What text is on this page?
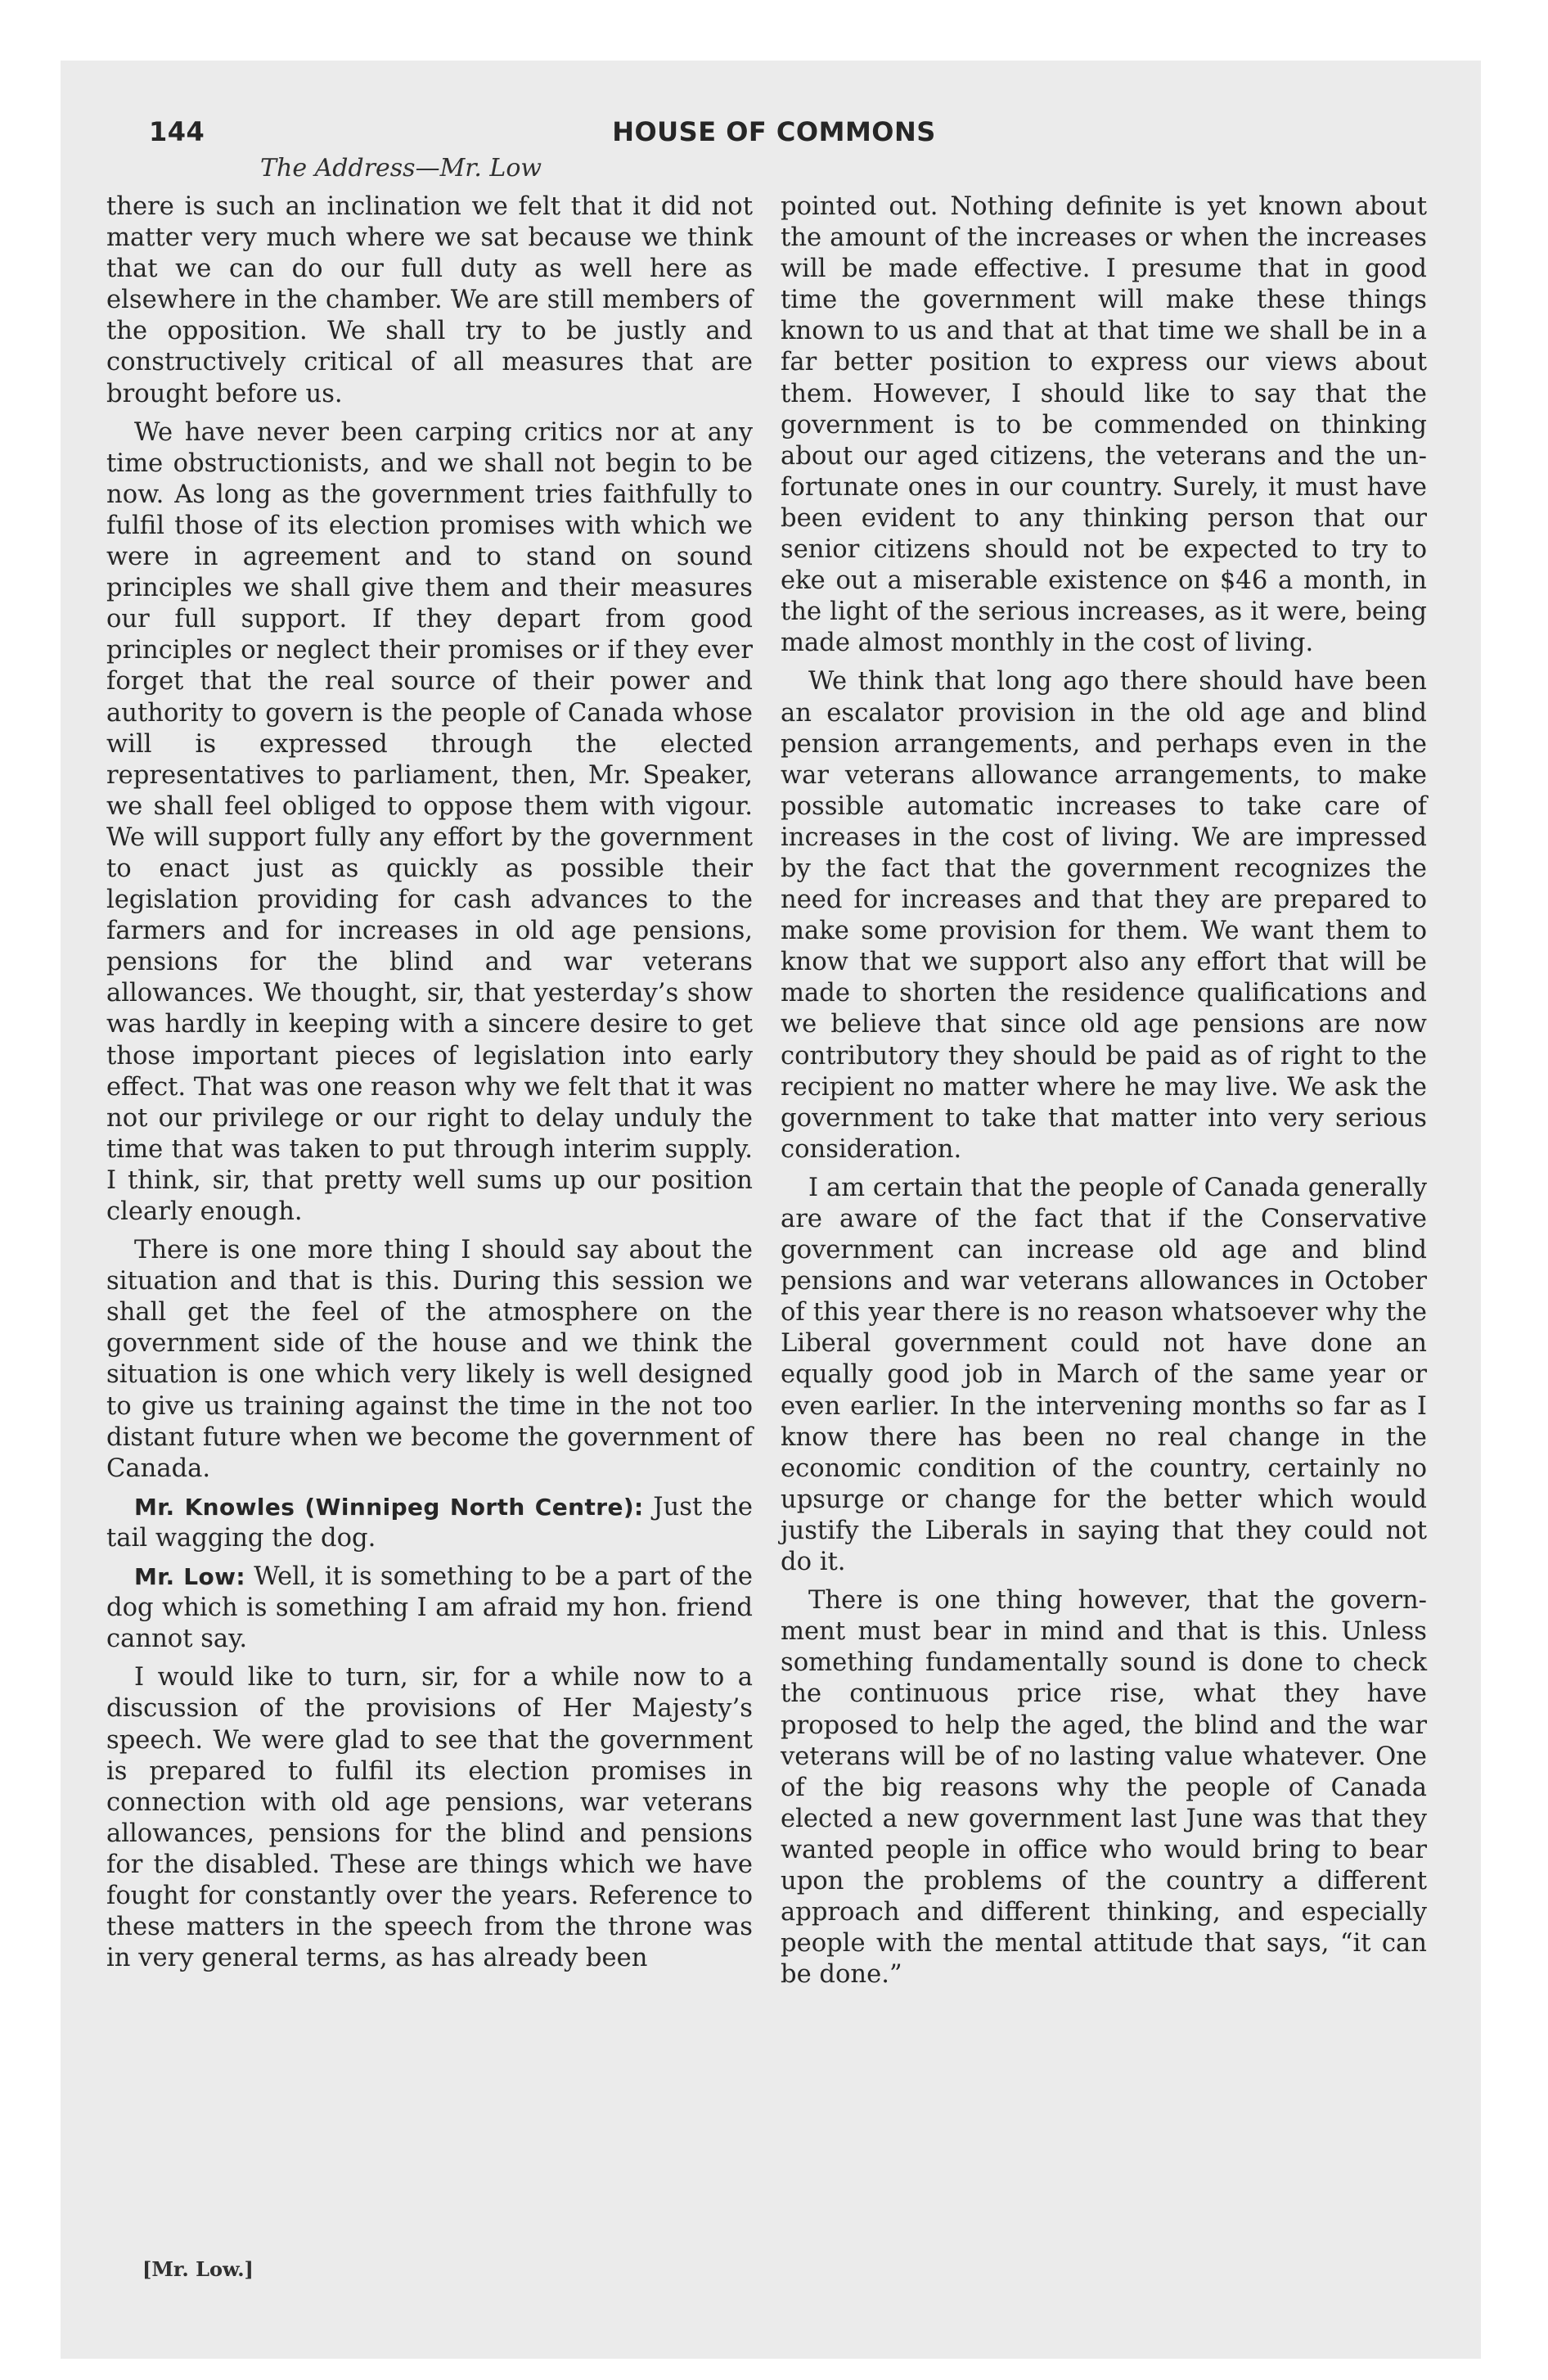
144	HOUSE OF COMMONS
The Address—Mr. Low

there is such an inclination we felt that it did not matter very much where we sat because we think that we can do our full duty as well here as elsewhere in the chamber. We are still members of the opposition. We shall try to be justly and constructively critical of all measures that are brought before us.

We have never been carping critics nor at any time obstructionists, and we shall not begin to be now. As long as the government tries faithfully to fulfil those of its election promises with which we were in agreement and to stand on sound principles we shall give them and their measures our full support. If they depart from good principles or neglect their promises or if they ever forget that the real source of their power and authority to govern is the people of Canada whose will is expressed through the elected representatives to parliament, then, Mr. Speaker, we shall feel obliged to oppose them with vigour. We will support fully any effort by the government to enact just as quickly as possible their legislation providing for cash advances to the farmers and for increases in old age pensions, pensions for the blind and war veterans allowances. We thought, sir, that yesterday’s show was hardly in keeping with a sincere desire to get those important pieces of legislation into early effect. That was one reason why we felt that it was not our privilege or our right to delay unduly the time that was taken to put through interim supply. I think, sir, that pretty well sums up our position clearly enough.

There is one more thing I should say about the situation and that is this. During this session we shall get the feel of the atmosphere on the government side of the house and we think the situation is one which very likely is well designed to give us training against the time in the not too distant future when we become the government of Canada.

Mr. Knowles (Winnipeg North Centre): Just the tail wagging the dog.

Mr. Low: Well, it is something to be a part of the dog which is something I am afraid my hon. friend cannot say.

I would like to turn, sir, for a while now to a discussion of the provisions of Her Majesty’s speech. We were glad to see that the government is prepared to fulfil its election promises in connection with old age pensions, war veterans allowances, pensions for the blind and pensions for the disabled. These are things which we have fought for constantly over the years. Reference to these matters in the speech from the throne was in very general terms, as has already been

pointed out. Nothing definite is yet known about the amount of the increases or when the increases will be made effective. I presume that in good time the government will make these things known to us and that at that time we shall be in a far better position to express our views about them. However, I should like to say that the government is to be commended on thinking about our aged citizens, the veterans and the unfortunate ones in our country. Surely, it must have been evident to any thinking person that our senior citizens should not be expected to try to eke out a miserable existence on $46 a month, in the light of the serious increases, as it were, being made almost monthly in the cost of living.

We think that long ago there should have been an escalator provision in the old age and blind pension arrangements, and perhaps even in the war veterans allowance arrangements, to make possible automatic increases to take care of increases in the cost of living. We are impressed by the fact that the government recognizes the need for increases and that they are prepared to make some provision for them. We want them to know that we support also any effort that will be made to shorten the residence qualifications and we believe that since old age pensions are now contributory they should be paid as of right to the recipient no matter where he may live. We ask the government to take that matter into very serious consideration.

I am certain that the people of Canada generally are aware of the fact that if the Conservative government can increase old age and blind pensions and war veterans allowances in October of this year there is no reason whatsoever why the Liberal government could not have done an equally good job in March of the same year or even earlier. In the intervening months so far as I know there has been no real change in the economic condition of the country, certainly no upsurge or change for the better which would justify the Liberals in saying that they could not do it.

There is one thing however, that the government must bear in mind and that is this. Unless something fundamentally sound is done to check the continuous price rise, what they have proposed to help the aged, the blind and the war veterans will be of no lasting value whatever. One of the big reasons why the people of Canada elected a new government last June was that they wanted people in office who would bring to bear upon the problems of the country a different approach and different thinking, and especially people with the mental attitude that says, “it can be done.”

[Mr. Low.]
